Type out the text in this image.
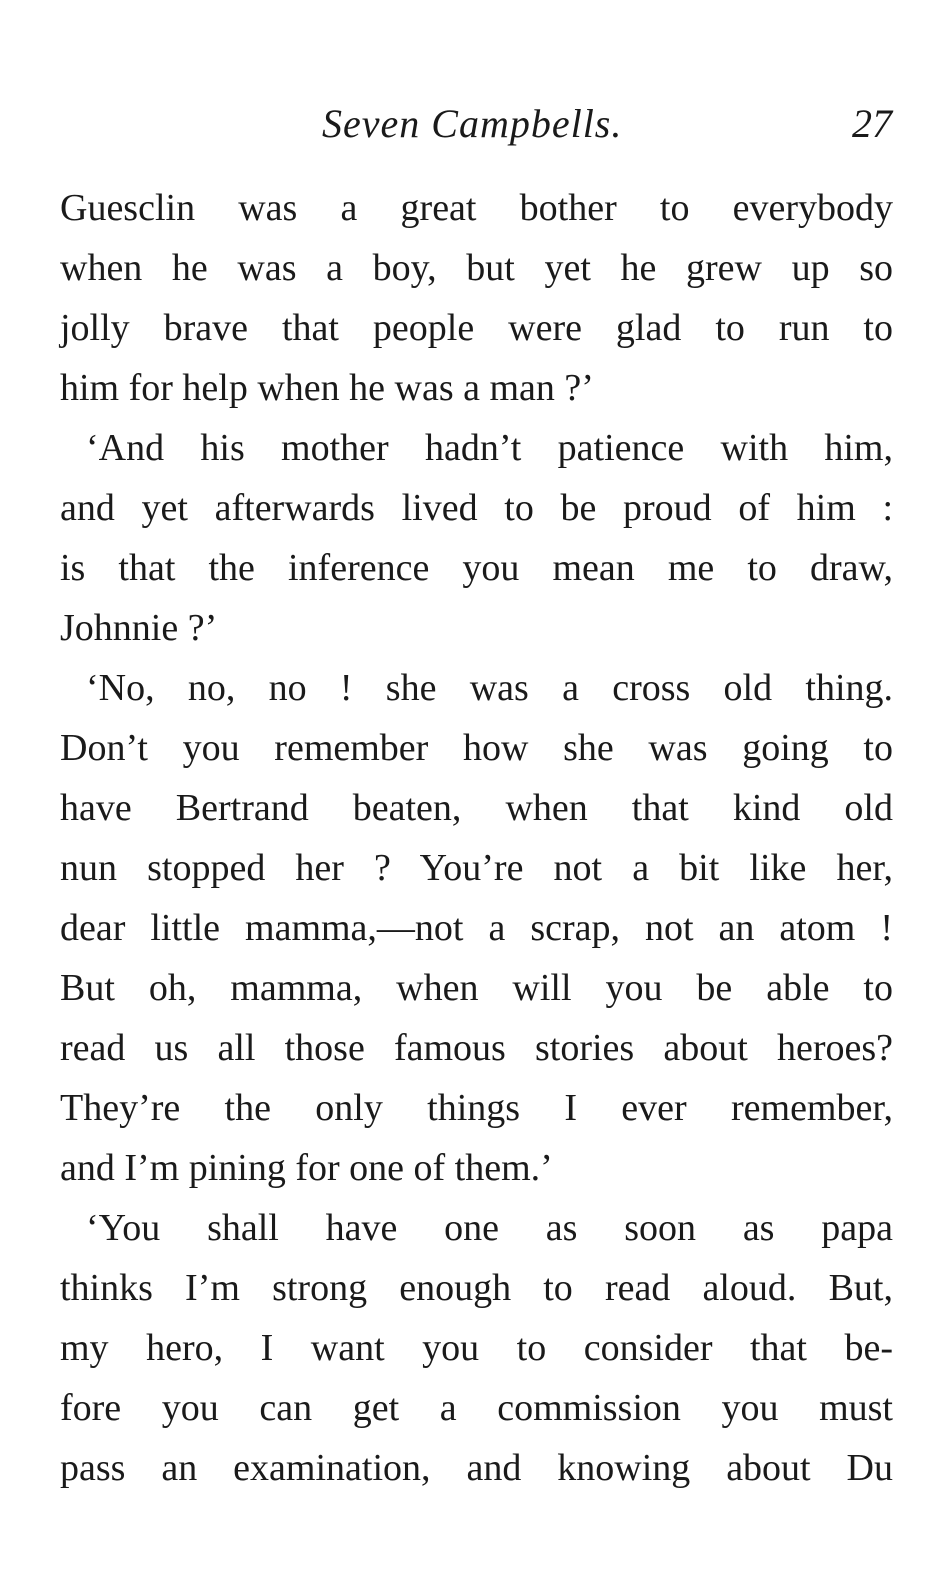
Seven Campbells.	27
Guesclin was a great bother to everybody
when he was a boy, but yet he grew up so
jolly brave that people were glad to run to
him for help when he was a man ?’
‘And his mother hadn’t patience with him,
and yet afterwards lived to be proud of him :
is that the inference you mean me to draw,
Johnnie ?’
‘No, no, no ! she was a cross old thing.
Don’t you remember how she was going to
have Bertrand beaten, when that kind old
nun stopped her ? You’re not a bit like her,
dear little mamma,—not a scrap, not an atom !
But oh, mamma, when will you be able to
read us all those famous stories about heroes?
They’re the only things I ever remember,
and I’m pining for one of them.’
‘You shall have one as soon as papa
thinks I’m strong enough to read aloud. But,
my hero, I want you to consider that be-
fore you can get a commission you must
pass an examination, and knowing about Du
